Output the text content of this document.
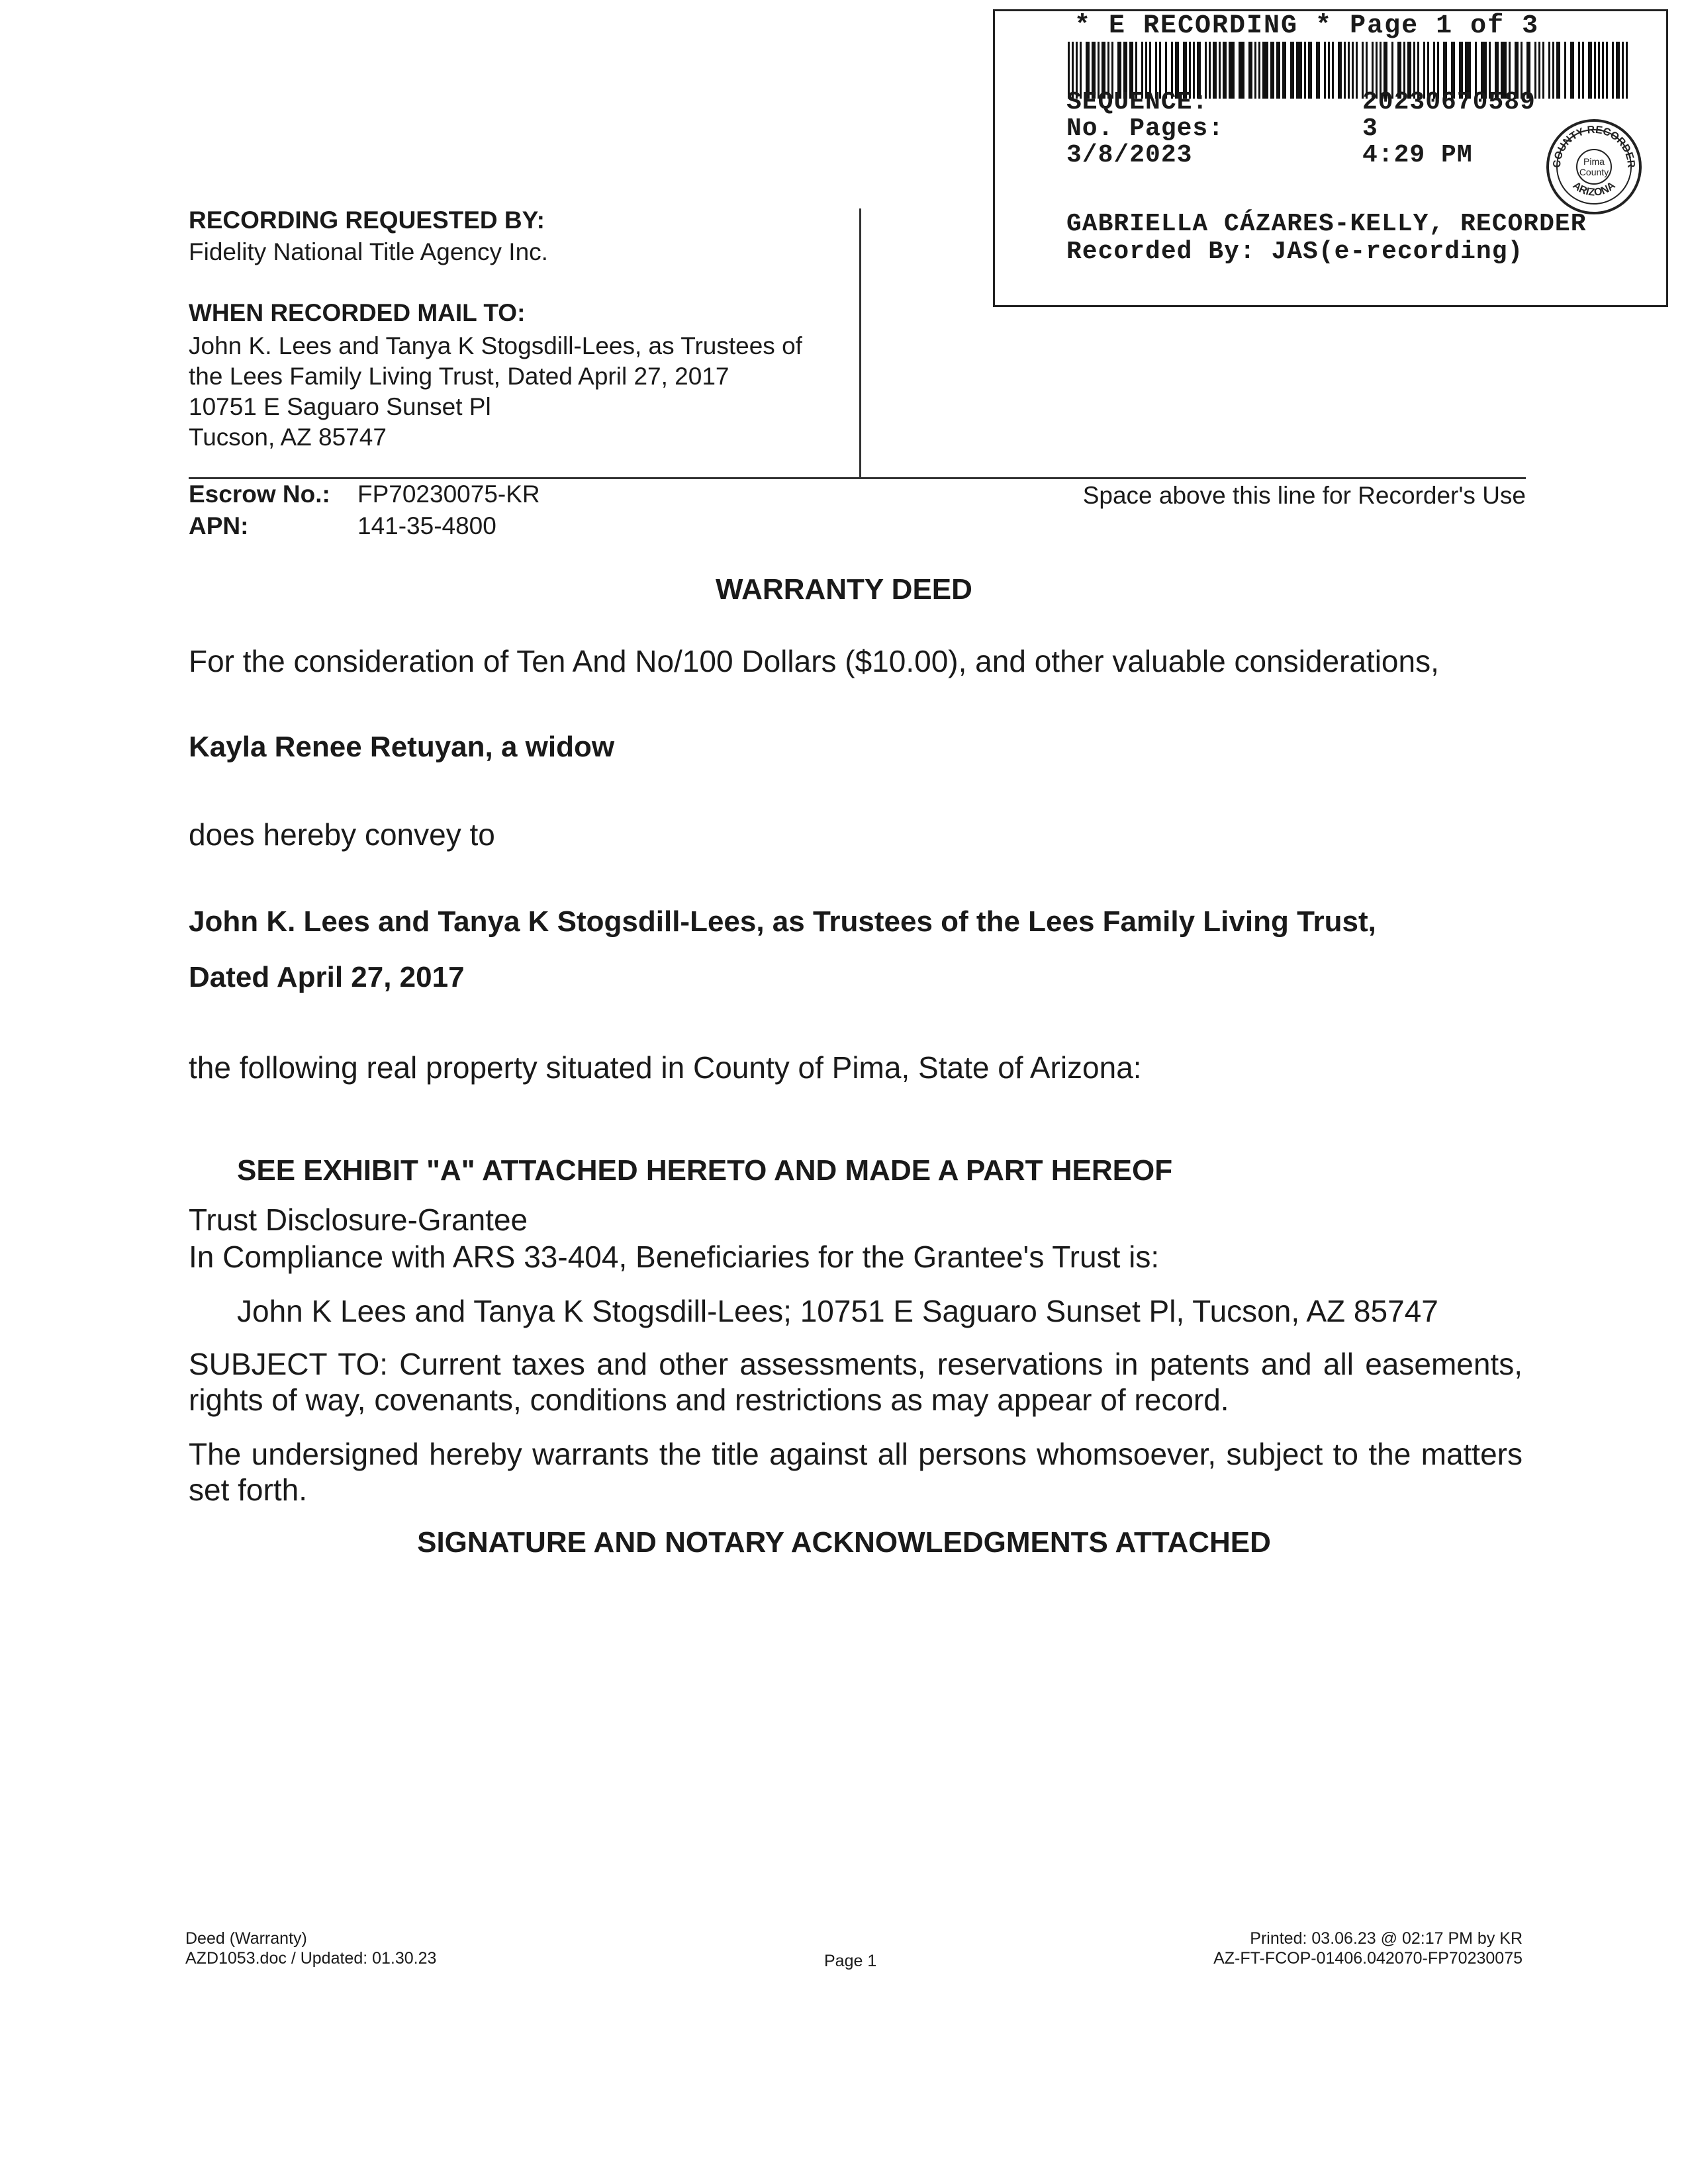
* E RECORDING * Page 1 of 3
SEQUENCE:	20230670589
No. Pages:	3
3/8/2023	4:29 PM	COUNTY RECORDER
ARIZONA
Pima
County
GABRIELLA CÁZARES-KELLY, RECORDER
Recorded By: JAS(e-recording)
RECORDING REQUESTED BY:
Fidelity National Title Agency Inc.
WHEN RECORDED MAIL TO:
John K. Lees and Tanya K Stogsdill-Lees, as Trustees of
the Lees Family Living Trust, Dated April 27, 2017
10751 E Saguaro Sunset Pl
Tucson, AZ 85747
Escrow No.: FP70230075-KR
APN:	141-35-4800
Space above this line for Recorder's Use
WARRANTY DEED
For the consideration of Ten And No/100 Dollars ($10.00), and other valuable considerations,
Kayla Renee Retuyan, a widow
does hereby convey to
John K. Lees and Tanya K Stogsdill-Lees, as Trustees of the Lees Family Living Trust,
Dated April 27, 2017
the following real property situated in County of Pima, State of Arizona:
SEE EXHIBIT "A" ATTACHED HERETO AND MADE A PART HEREOF
Trust Disclosure-Grantee
In Compliance with ARS 33-404, Beneficiaries for the Grantee's Trust is:
John K Lees and Tanya K Stogsdill-Lees; 10751 E Saguaro Sunset Pl, Tucson, AZ 85747
SUBJECT TO: Current taxes and other assessments, reservations in patents and all easements, rights of way, covenants, conditions and restrictions as may appear of record.
The undersigned hereby warrants the title against all persons whomsoever, subject to the matters set forth.
SIGNATURE AND NOTARY ACKNOWLEDGMENTS ATTACHED
Deed (Warranty)
AZD1053.doc / Updated: 01.30.23	Page 1
Printed: 03.06.23 @ 02:17 PM by KR
AZ-FT-FCOP-01406.042070-FP70230075
